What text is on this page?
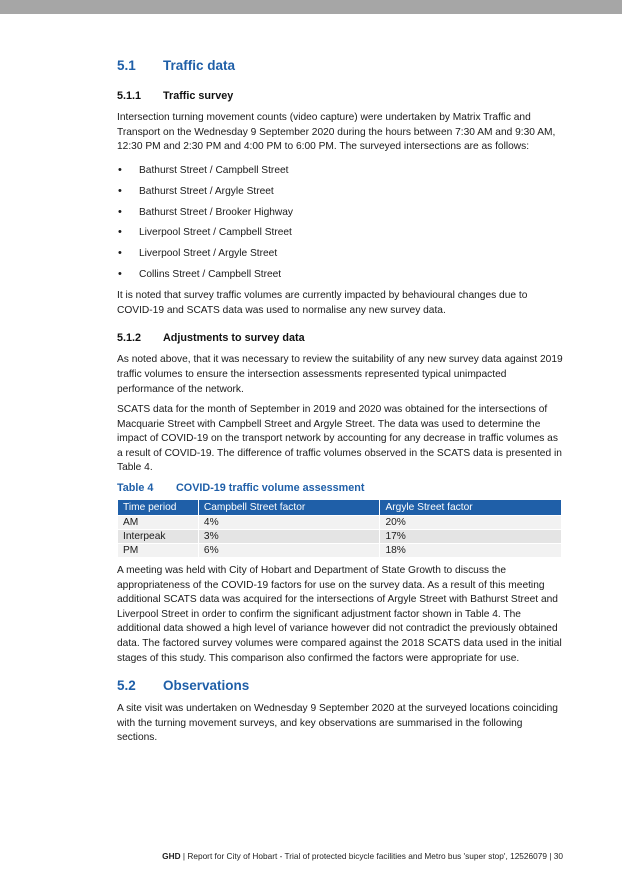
5.1	Traffic data
5.1.1	Traffic survey

Intersection turning movement counts (video capture) were undertaken by Matrix Traffic and Transport on the Wednesday 9 September 2020 during the hours between 7:30 AM and 9:30 AM, 12:30 PM and 2:30 PM and 4:00 PM to 6:00 PM. The surveyed intersections are as follows:

• Bathurst Street / Campbell Street
• Bathurst Street / Argyle Street
• Bathurst Street / Brooker Highway
• Liverpool Street / Campbell Street
• Liverpool Street / Argyle Street
• Collins Street / Campbell Street

It is noted that survey traffic volumes are currently impacted by behavioural changes due to COVID-19 and SCATS data was used to normalise any new survey data.

5.1.2	Adjustments to survey data

As noted above, that it was necessary to review the suitability of any new survey data against 2019 traffic volumes to ensure the intersection assessments represented typical unimpacted performance of the network.

SCATS data for the month of September in 2019 and 2020 was obtained for the intersections of Macquarie Street with Campbell Street and Argyle Street. The data was used to determine the impact of COVID-19 on the transport network by accounting for any decrease in traffic volumes as a result of COVID-19. The difference of traffic volumes observed in the SCATS data is presented in Table 4.

Table 4	COVID-19 traffic volume assessment
Time period	Campbell Street factor	Argyle Street factor
AM	4%	20%
Interpeak	3%	17%
PM	6%	18%

A meeting was held with City of Hobart and Department of State Growth to discuss the appropriateness of the COVID-19 factors for use on the survey data. As a result of this meeting additional SCATS data was acquired for the intersections of Argyle Street with Bathurst Street and Liverpool Street in order to confirm the significant adjustment factor shown in Table 4. The additional data showed a high level of variance however did not contradict the previously obtained data. The factored survey volumes were compared against the 2018 SCATS data used in the initial stages of this study. This comparison also confirmed the factors were appropriate for use.

5.2	Observations

A site visit was undertaken on Wednesday 9 September 2020 at the surveyed locations coinciding with the turning movement surveys, and key observations are summarised in the following sections.

GHD | Report for City of Hobart - Trial of protected bicycle facilities and Metro bus 'super stop', 12526079 | 30
